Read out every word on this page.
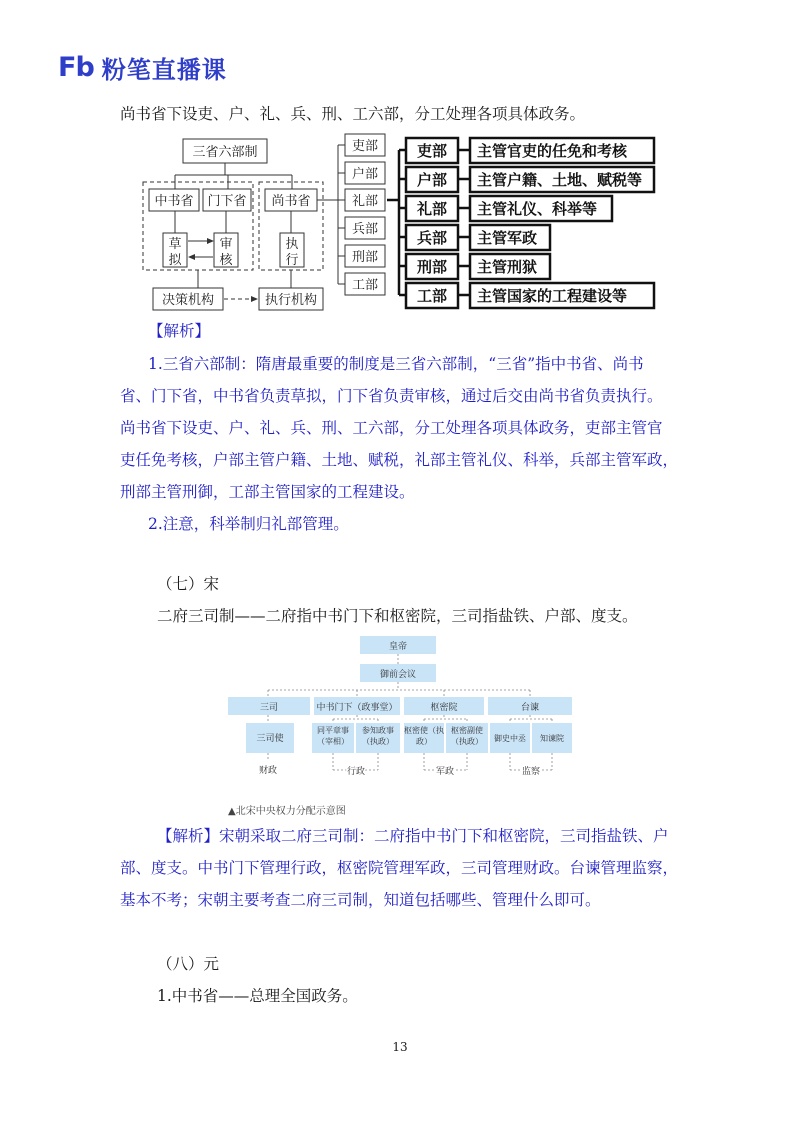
Fb 粉笔直播课
尚书省下设吏、户、礼、兵、刑、工六部，分工处理各项具体政务。
三省六部制
中书省 门下省 尚书省
草
拟
审
核
执
行
决策机构	执行机构
吏部
户部
礼部
兵部
刑部
工部
吏部
户部
礼部
兵部
刑部
工部
主管官吏的任免和考核
主管户籍、土地、赋税等
主管礼仪、科举等
主管军政
主管刑狱
主管国家的工程建设等
【解析】
1.三省六部制：隋唐最重要的制度是三省六部制，“三省”指中书省、尚书
省、门下省，中书省负责草拟，门下省负责审核，通过后交由尚书省负责执行。
尚书省下设吏、户、礼、兵、刑、工六部，分工处理各项具体政务，吏部主管官
吏任免考核，户部主管户籍、土地、赋税，礼部主管礼仪、科举，兵部主管军政，
刑部主管刑御，工部主管国家的工程建设。
2.注意，科举制归礼部管理。
（七）宋
二府三司制——二府指中书门下和枢密院，三司指盐铁、户部、度支。
皇帝
御前会议
三司	中书门下（政事堂）	枢密院	台谏
三司使
同平章事（宰相）
参知政事（执政）
枢密使（执政）
枢密副使（执政）	御史中丞 知谏院
财政	行政	军政	监察
▲北宋中央权力分配示意图
【解析】宋朝采取二府三司制：二府指中书门下和枢密院，三司指盐铁、户
部、度支。中书门下管理行政，枢密院管理军政，三司管理财政。台谏管理监察，
基本不考；宋朝主要考查二府三司制，知道包括哪些、管理什么即可。
（八）元
1.中书省——总理全国政务。
13
